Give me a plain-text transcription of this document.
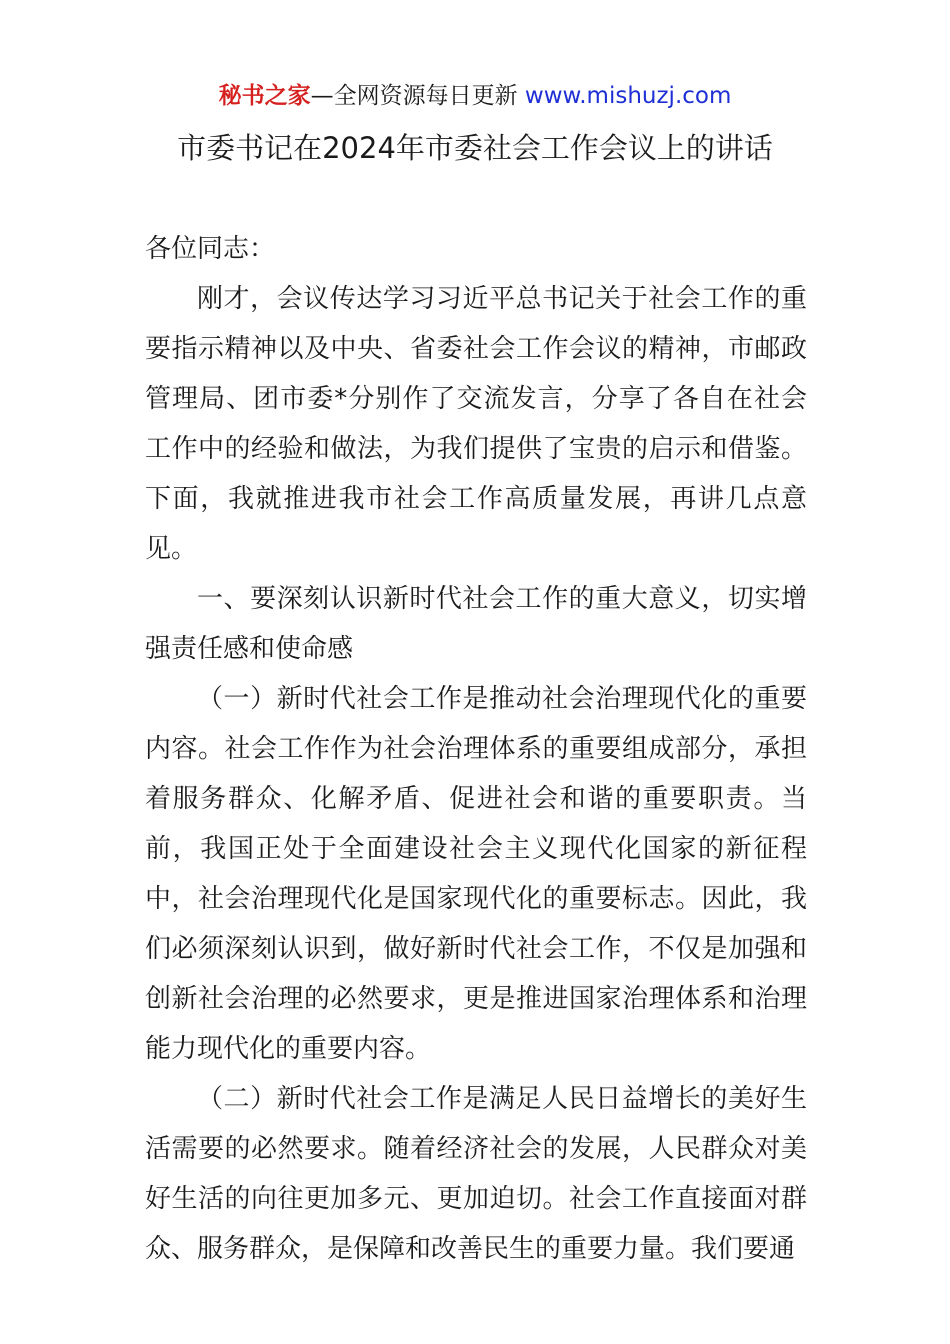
秘书之家—全网资源每日更新 www.mishuzj.com
市委书记在2024年市委社会工作会议上的讲话

各位同志：

刚才，会议传达学习习近平总书记关于社会工作的重要指示精神以及中央、省委社会工作会议的精神，市邮政管理局、团市委*分别作了交流发言，分享了各自在社会工作中的经验和做法，为我们提供了宝贵的启示和借鉴。下面，我就推进我市社会工作高质量发展，再讲几点意见。

一、要深刻认识新时代社会工作的重大意义，切实增强责任感和使命感

（一）新时代社会工作是推动社会治理现代化的重要内容。社会工作作为社会治理体系的重要组成部分，承担着服务群众、化解矛盾、促进社会和谐的重要职责。当前，我国正处于全面建设社会主义现代化国家的新征程中，社会治理现代化是国家现代化的重要标志。因此，我们必须深刻认识到，做好新时代社会工作，不仅是加强和创新社会治理的必然要求，更是推进国家治理体系和治理能力现代化的重要内容。

（二）新时代社会工作是满足人民日益增长的美好生活需要的必然要求。随着经济社会的发展，人民群众对美好生活的向往更加多元、更加迫切。社会工作直接面对群众、服务群众，是保障和改善民生的重要力量。我们要通
